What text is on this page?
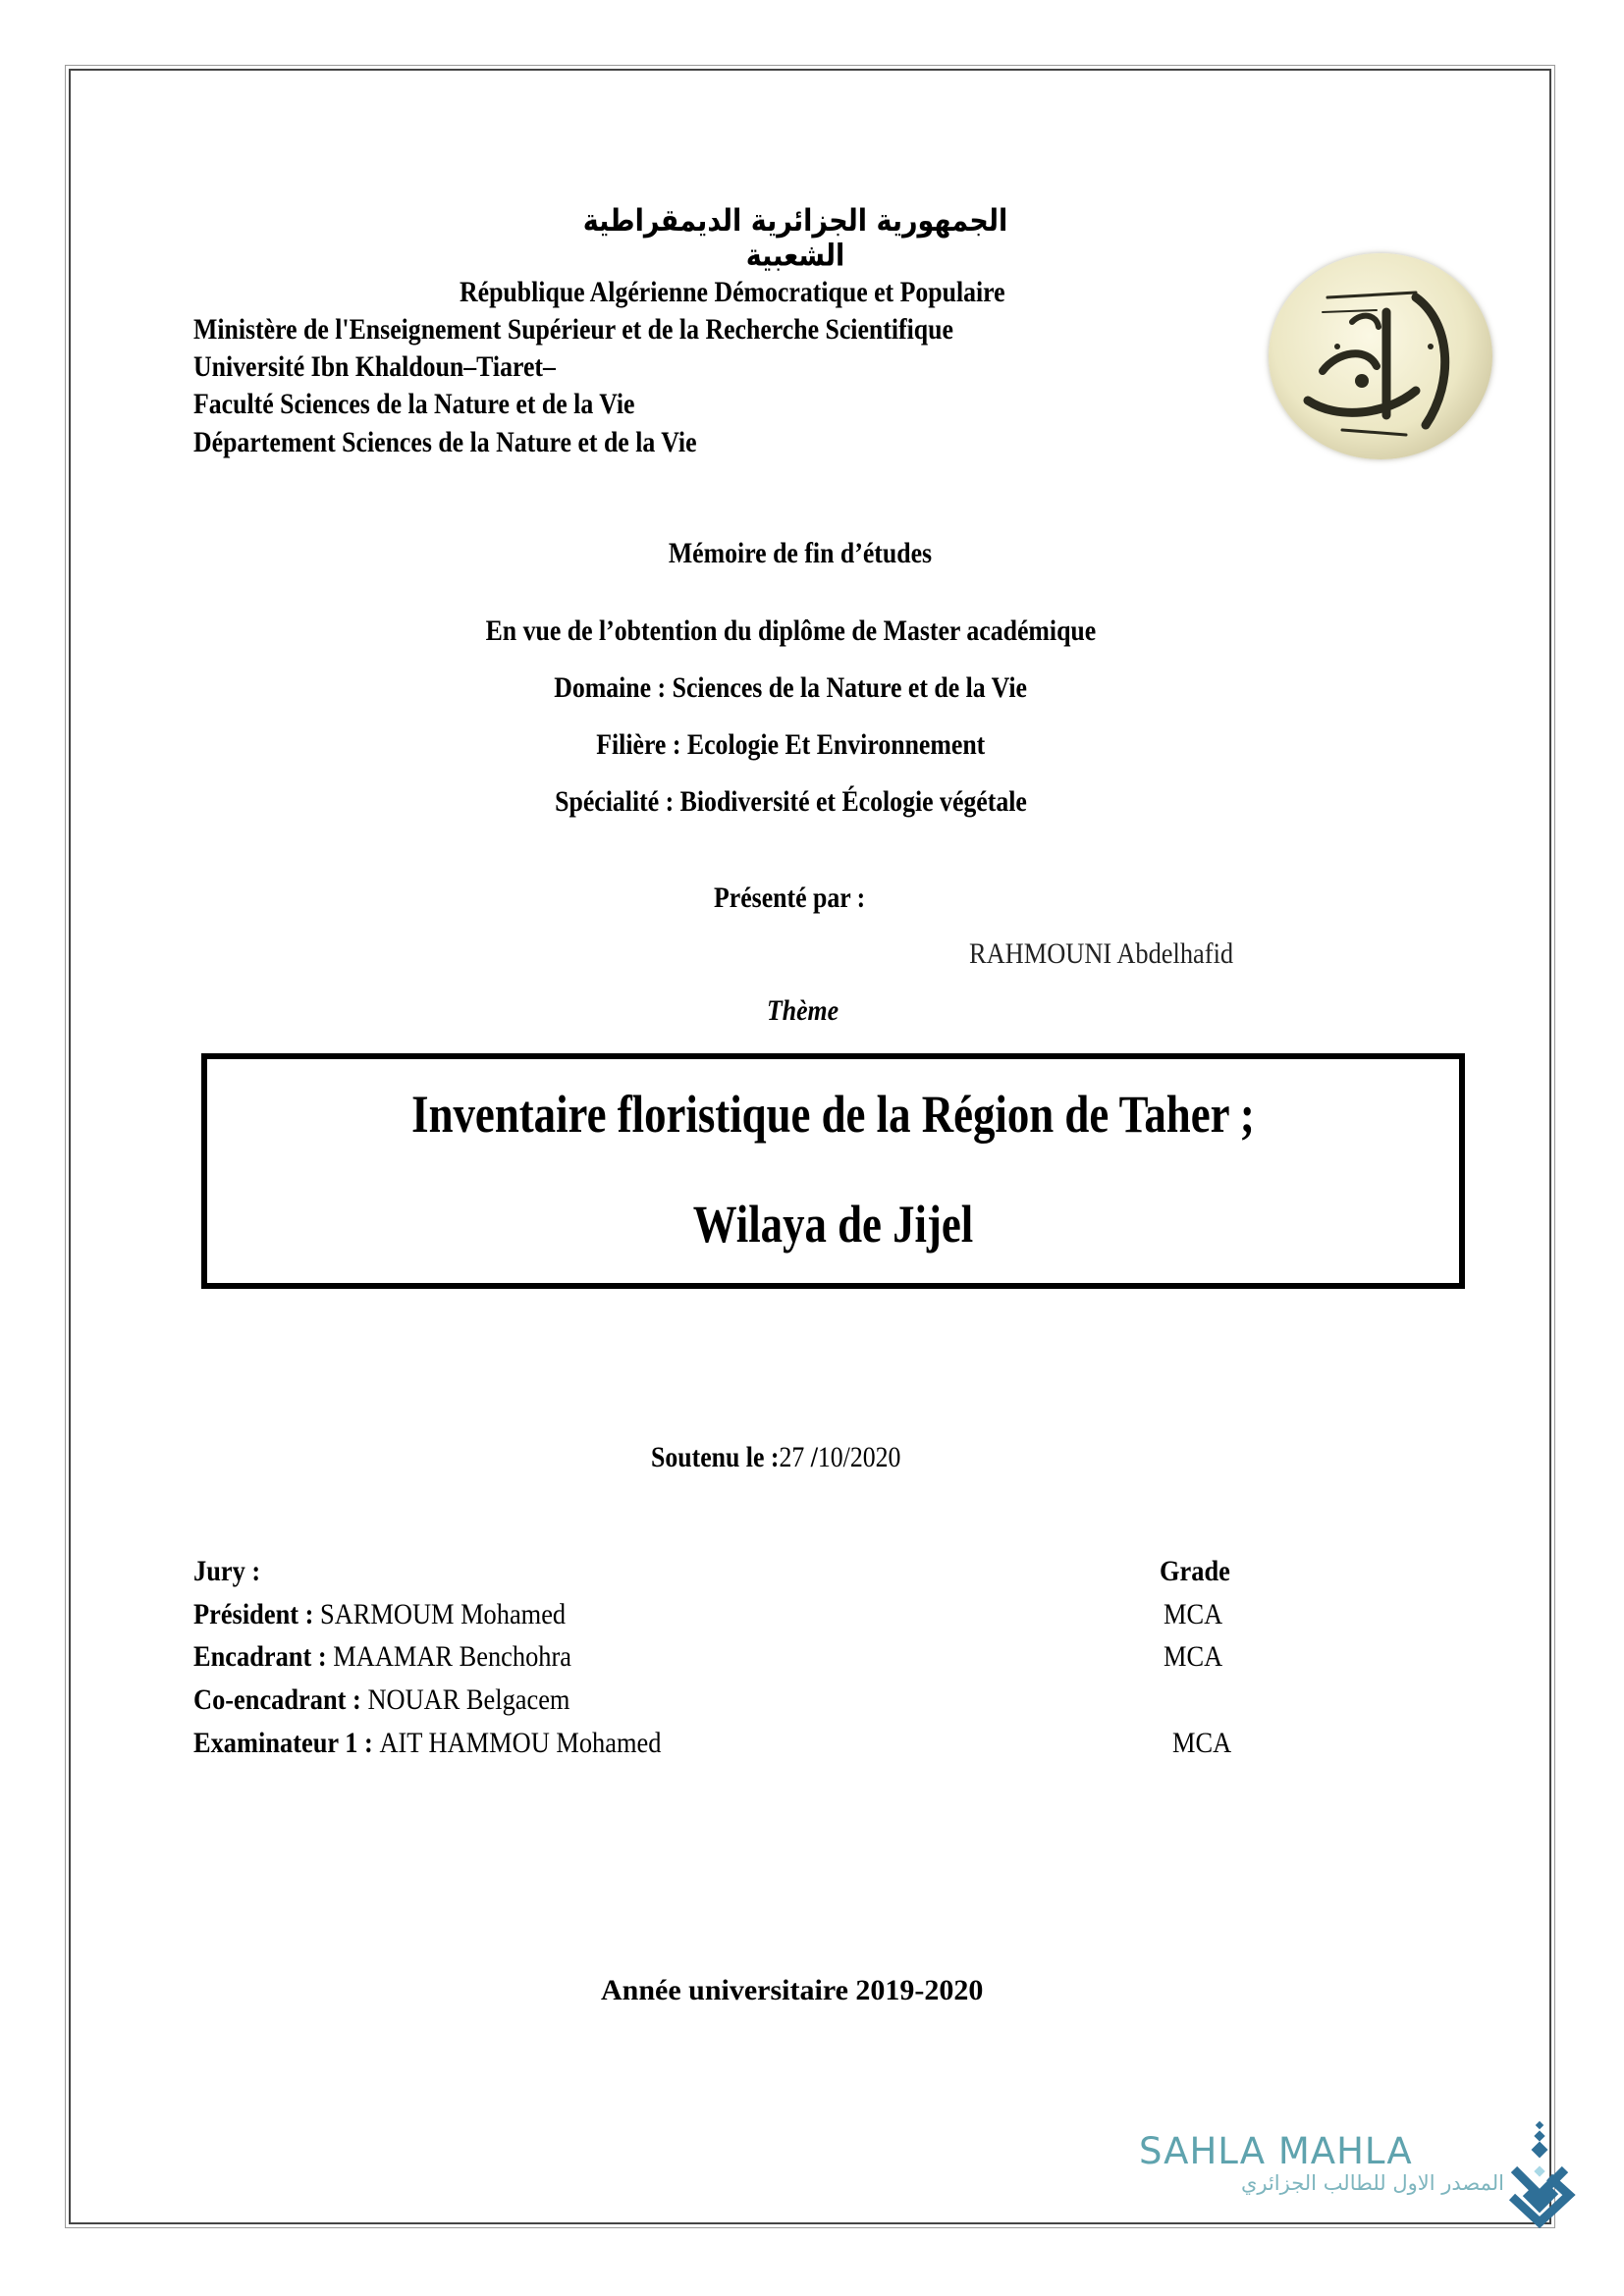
الجمهورية الجزائرية الديمقراطية الشعبية
République Algérienne Démocratique et Populaire
Ministère de l'Enseignement Supérieur et de la Recherche Scientifique
Université Ibn Khaldoun–Tiaret–
Faculté Sciences de la Nature et de la Vie
Département Sciences de la Nature et de la Vie
Mémoire de fin d’études
En vue de l’obtention du diplôme de Master académique
Domaine : Sciences de la Nature et de la Vie
Filière : Ecologie Et Environnement
Spécialité : Biodiversité et Écologie végétale
Présenté par :
RAHMOUNI Abdelhafid
Thème
Inventaire floristique de la Région de Taher ;
Wilaya de Jijel
Soutenu le :27 /10/2020
Jury :	Grade
Président : SARMOUM Mohamed	MCA
Encadrant : MAAMAR Benchohra	MCA
Co-encadrant : NOUAR Belgacem
Examinateur 1 : AIT HAMMOU Mohamed	MCA
Année universitaire 2019-2020
SAHLA MAHLA
المصدر الاول للطالب الجزائري
